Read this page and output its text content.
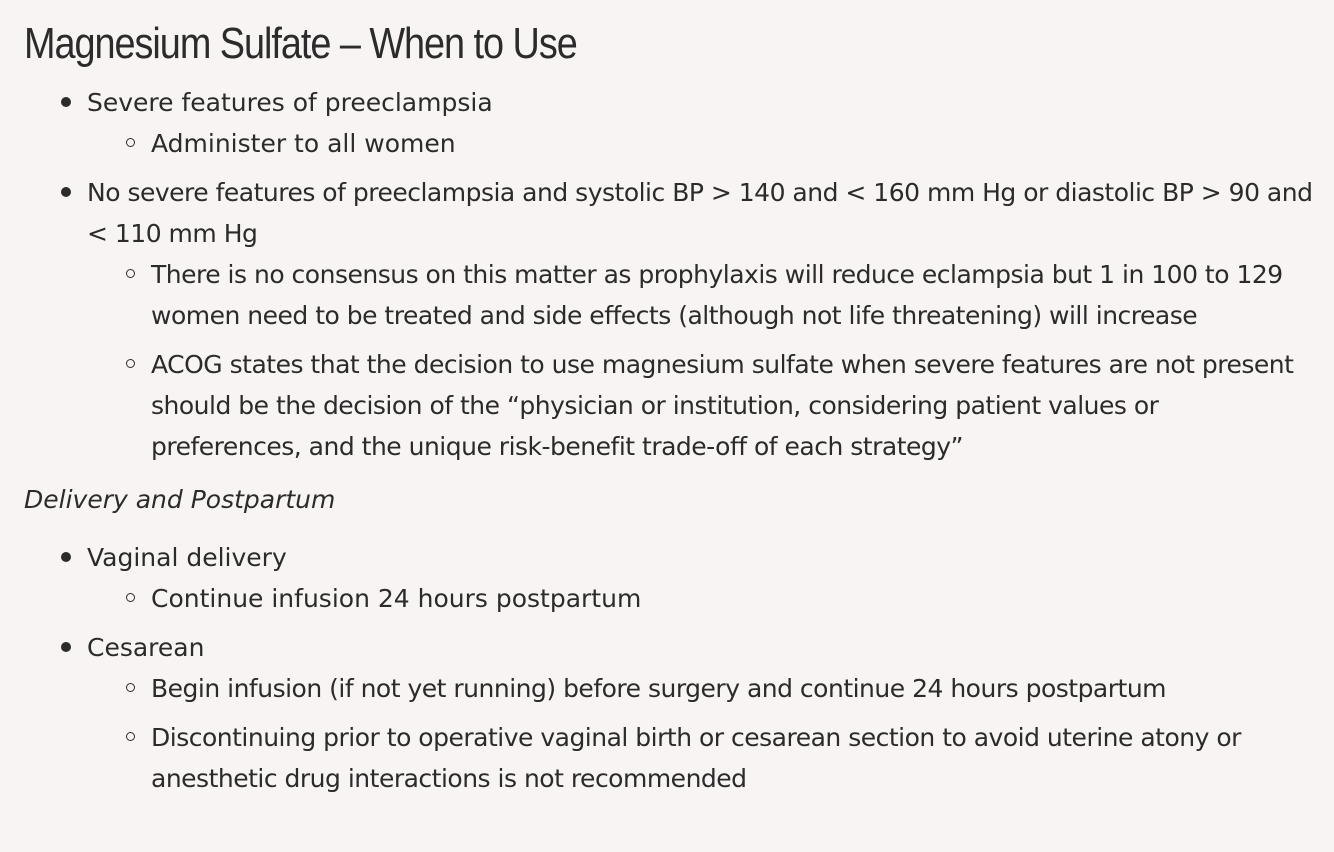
Magnesium Sulfate – When to Use
Severe features of preeclampsia
Administer to all women
No severe features of preeclampsia and systolic BP > 140 and < 160 mm Hg or diastolic BP > 90 and < 110 mm Hg
There is no consensus on this matter as prophylaxis will reduce eclampsia but 1 in 100 to 129 women need to be treated and side effects (although not life threatening) will increase
ACOG states that the decision to use magnesium sulfate when severe features are not present should be the decision of the “physician or institution, considering patient values or preferences, and the unique risk-benefit trade-off of each strategy”
Delivery and Postpartum
Vaginal delivery
Continue infusion 24 hours postpartum
Cesarean
Begin infusion (if not yet running) before surgery and continue 24 hours postpartum
Discontinuing prior to operative vaginal birth or cesarean section to avoid uterine atony or anesthetic drug interactions is not recommended
